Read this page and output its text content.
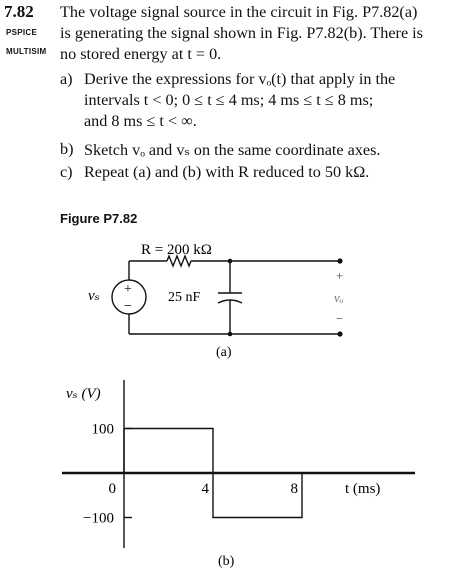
7.82
PSPICE
MULTISIM
The voltage signal source in the circuit in Fig. P7.82(a)
is generating the signal shown in Fig. P7.82(b). There is
no stored energy at t = 0.
a) Derive the expressions for vₒ(t) that apply in the
intervals t < 0; 0 ≤ t ≤ 4 ms; 4 ms ≤ t ≤ 8 ms;
and 8 ms ≤ t < ∞.
b) Sketch vₒ and vₛ on the same coordinate axes.
c) Repeat (a) and (b) with R reduced to 50 kΩ.
Figure P7.82
R = 200 kΩ
25 nF
vₛ +
−
+
vₒ
−
(a)
vₛ (V)
t (ms)
(b)
100
−100
0	4	8
